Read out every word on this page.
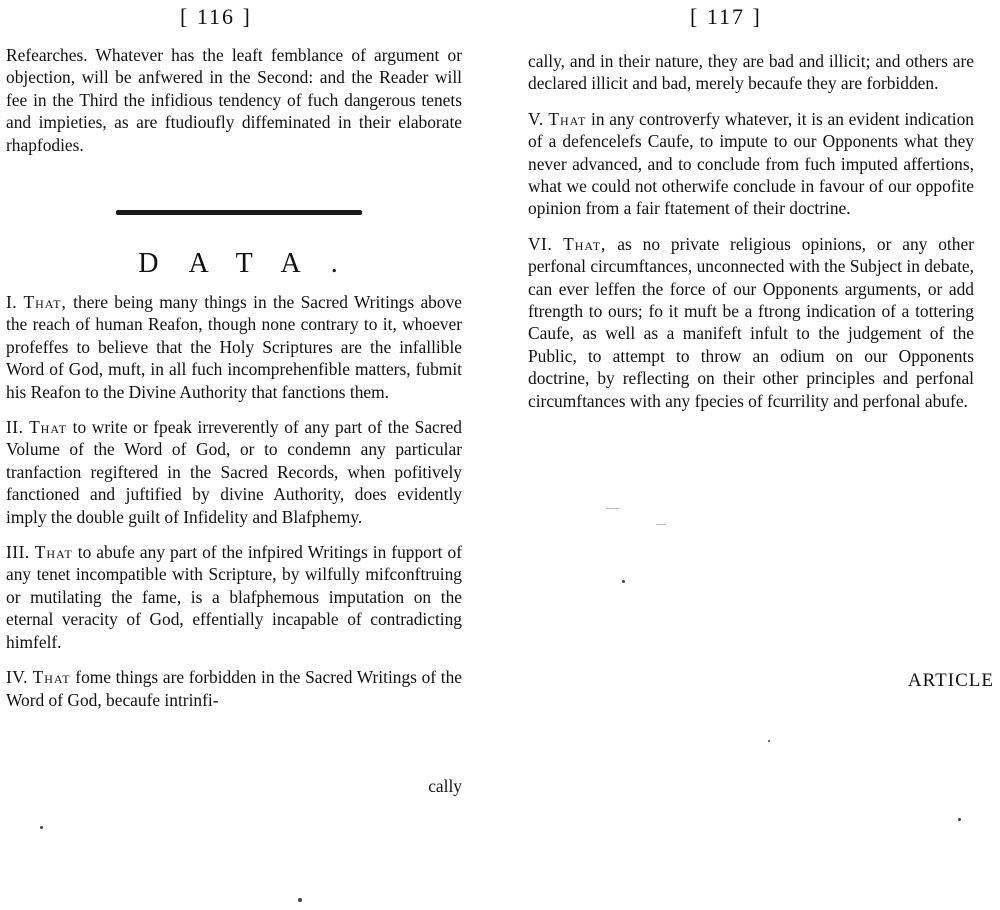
[ 116 ]

Refearches. Whatever has the leaft femblance of argument or objection, will be anfwered in the Second: and the Reader will fee in the Third the infidious tendency of fuch dangerous tenets and impieties, as are ftudioufly diffeminated in their elaborate rhapfodies.

DATA.

I. That, there being many things in the Sacred Writings above the reach of human Reafon, though none contrary to it, whoever profeffes to believe that the Holy Scriptures are the infallible Word of God, muft, in all fuch incomprehenfible matters, fubmit his Reafon to the Divine Authority that fanctions them.

II. That to write or fpeak irreverently of any part of the Sacred Volume of the Word of God, or to condemn any particular tranfaction regiftered in the Sacred Records, when pofitively fanctioned and juftified by divine Authority, does evidently imply the double guilt of Infidelity and Blafphemy.

III. That to abufe any part of the infpired Writings in fupport of any tenet incompatible with Scripture, by wilfully mifconftruing or mutilating the fame, is a blafphemous imputation on the eternal veracity of God, effentially incapable of contradicting himfelf.

IV. That fome things are forbidden in the Sacred Writings of the Word of God, becaufe intrinfi-

cally
[ 117 ]

cally, and in their nature, they are bad and illicit; and others are declared illicit and bad, merely becaufe they are forbidden.

V. That in any controverfy whatever, it is an evident indication of a defencelefs Caufe, to impute to our Opponents what they never advanced, and to conclude from fuch imputed affertions, what we could not otherwife conclude in favour of our oppofite opinion from a fair ftatement of their doctrine.

VI. That, as no private religious opinions, or any other perfonal circumftances, unconnected with the Subject in debate, can ever leffen the force of our Opponents arguments, or add ftrength to ours; fo it muft be a ftrong indication of a tottering Caufe, as well as a manifeft infult to the judgement of the Public, to attempt to throw an odium on our Opponents doctrine, by reflecting on their other principles and perfonal circumftances with any fpecies of fcurrility and perfonal abufe.

ARTICLE
